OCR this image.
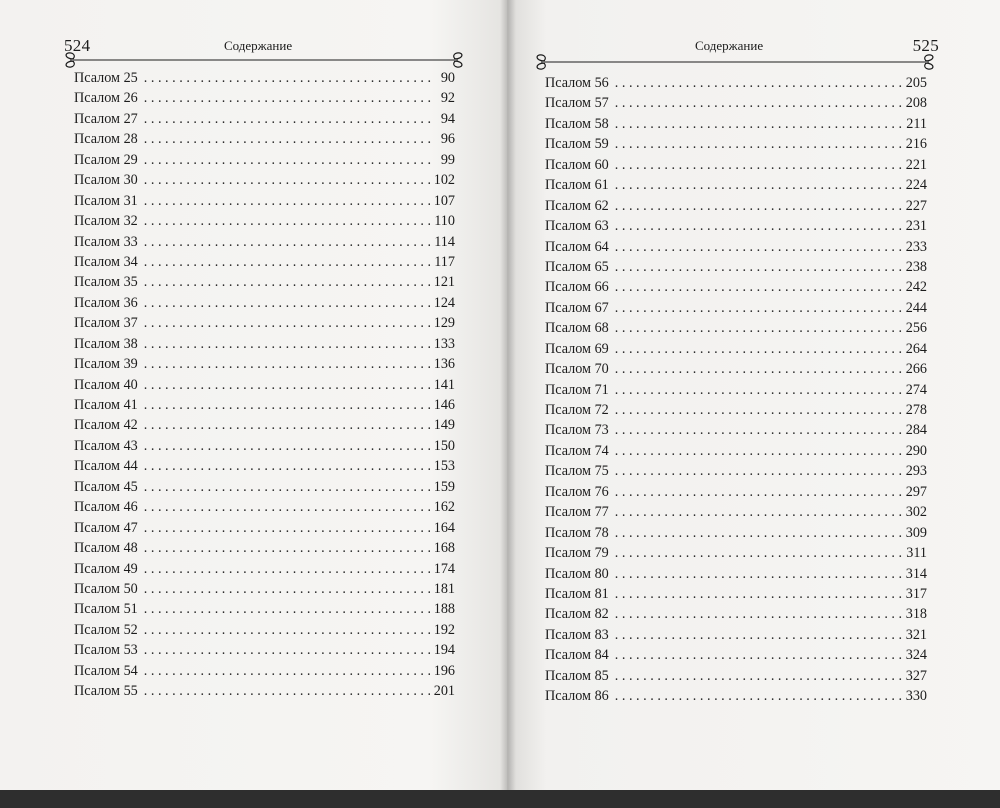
524	Содержание
Псалом 25 . . .	90
Псалом 26 . . .	92
Псалом 27 . . .	94
Псалом 28 . . .	96
Псалом 29 . . .	99
Псалом 30 . . .	102
Псалом 31 . . .	107
Псалом 32 . . .	110
Псалом 33 . . .	114
Псалом 34 . . .	117
Псалом 35 . . .	121
Псалом 36 . . .	124
Псалом 37 . . .	129
Псалом 38 . . .	133
Псалом 39 . . .	136
Псалом 40 . . .	141
Псалом 41 . . .	146
Псалом 42 . . .	149
Псалом 43 . . .	150
Псалом 44 . . .	153
Псалом 45 . . .	159
Псалом 46 . . .	162
Псалом 47 . . .	164
Псалом 48 . . .	168
Псалом 49 . . .	174
Псалом 50 . . .	181
Псалом 51 . . .	188
Псалом 52 . . .	192
Псалом 53 . . .	194
Псалом 54 . . .	196
Псалом 55 . . .	201
Содержание	525
Псалом 56 . . .	205
Псалом 57 . . .	208
Псалом 58 . . .	211
Псалом 59 . . .	216
Псалом 60 . . .	221
Псалом 61 . . .	224
Псалом 62 . . .	227
Псалом 63 . . .	231
Псалом 64 . . .	233
Псалом 65 . . .	238
Псалом 66 . . .	242
Псалом 67 . . .	244
Псалом 68 . . .	256
Псалом 69 . . .	264
Псалом 70 . . .	266
Псалом 71 . . .	274
Псалом 72 . . .	278
Псалом 73 . . .	284
Псалом 74 . . .	290
Псалом 75 . . .	293
Псалом 76 . . .	297
Псалом 77 . . .	302
Псалом 78 . . .	309
Псалом 79 . . .	311
Псалом 80 . . .	314
Псалом 81 . . .	317
Псалом 82 . . .	318
Псалом 83 . . .	321
Псалом 84 . . .	324
Псалом 85 . . .	327
Псалом 86 . . .	330
